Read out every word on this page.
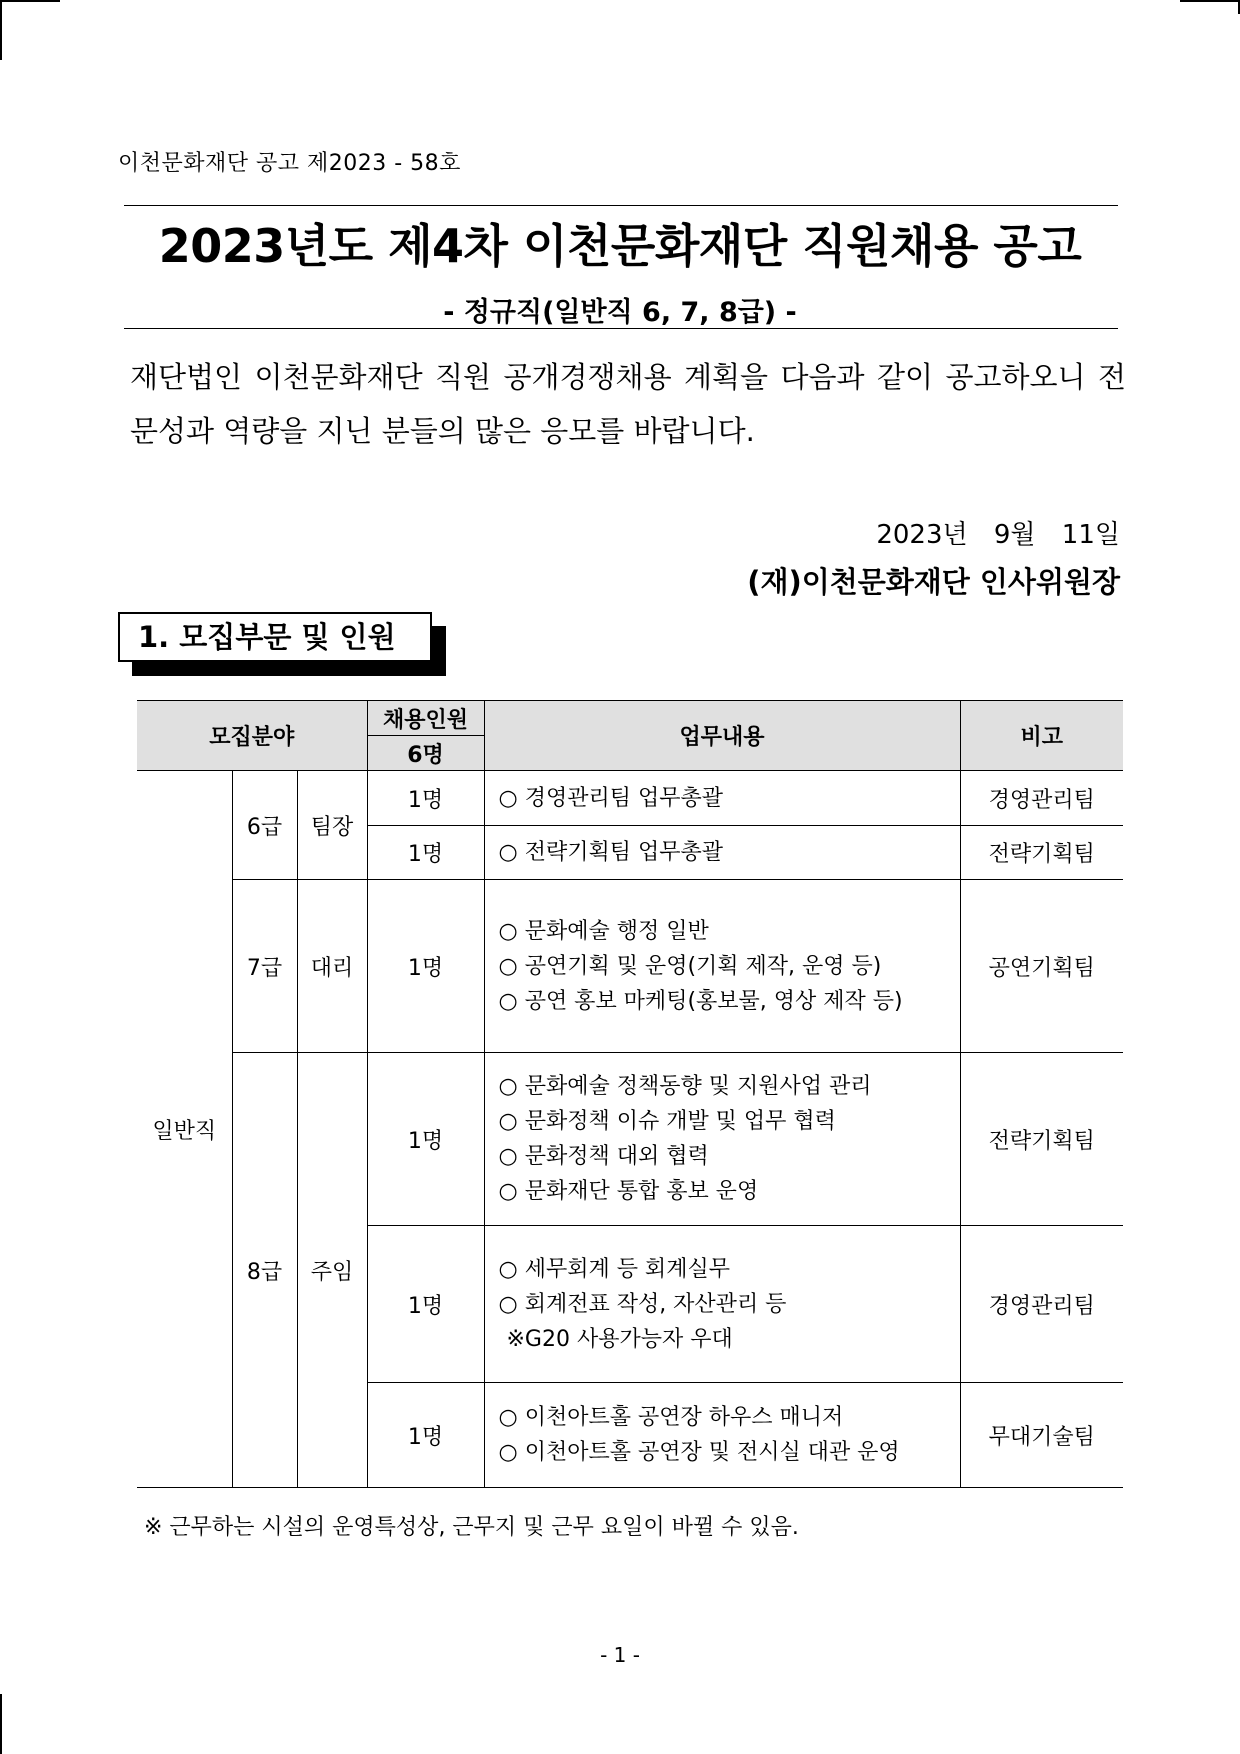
이천문화재단 공고 제2023 - 58호
2023년도 제4차 이천문화재단 직원채용 공고
- 정규직(일반직 6, 7, 8급) -
재단법인 이천문화재단 직원 공개경쟁채용 계획을 다음과 같이 공고하오니 전문성과 역량을 지닌 분들의 많은 응모를 바랍니다.
2023년 9월 11일
(재)이천문화재단 인사위원장
1. 모집부문 및 인원
모집분야			채용인원	업무내용	비고
			6명		
일반직	6급	팀장	1명	○ 경영관리팀 업무총괄	경영관리팀
			1명	○ 전략기획팀 업무총괄	전략기획팀
	7급	대리	1명	○ 문화예술 행정 일반
○ 공연기획 및 운영(기획 제작, 운영 등)
○ 공연 홍보 마케팅(홍보물, 영상 제작 등)	공연기획팀
	8급	주임	1명	○ 문화예술 정책동향 및 지원사업 관리
○ 문화정책 이슈 개발 및 업무 협력
○ 문화정책 대외 협력
○ 문화재단 통합 홍보 운영	전략기획팀
			1명	○ 세무회계 등 회계실무
○ 회계전표 작성, 자산관리 등
※G20 사용가능자 우대	경영관리팀
			1명	○ 이천아트홀 공연장 하우스 매니저
○ 이천아트홀 공연장 및 전시실 대관 운영	무대기술팀
※ 근무하는 시설의 운영특성상, 근무지 및 근무 요일이 바뀔 수 있음.
- 1 -
